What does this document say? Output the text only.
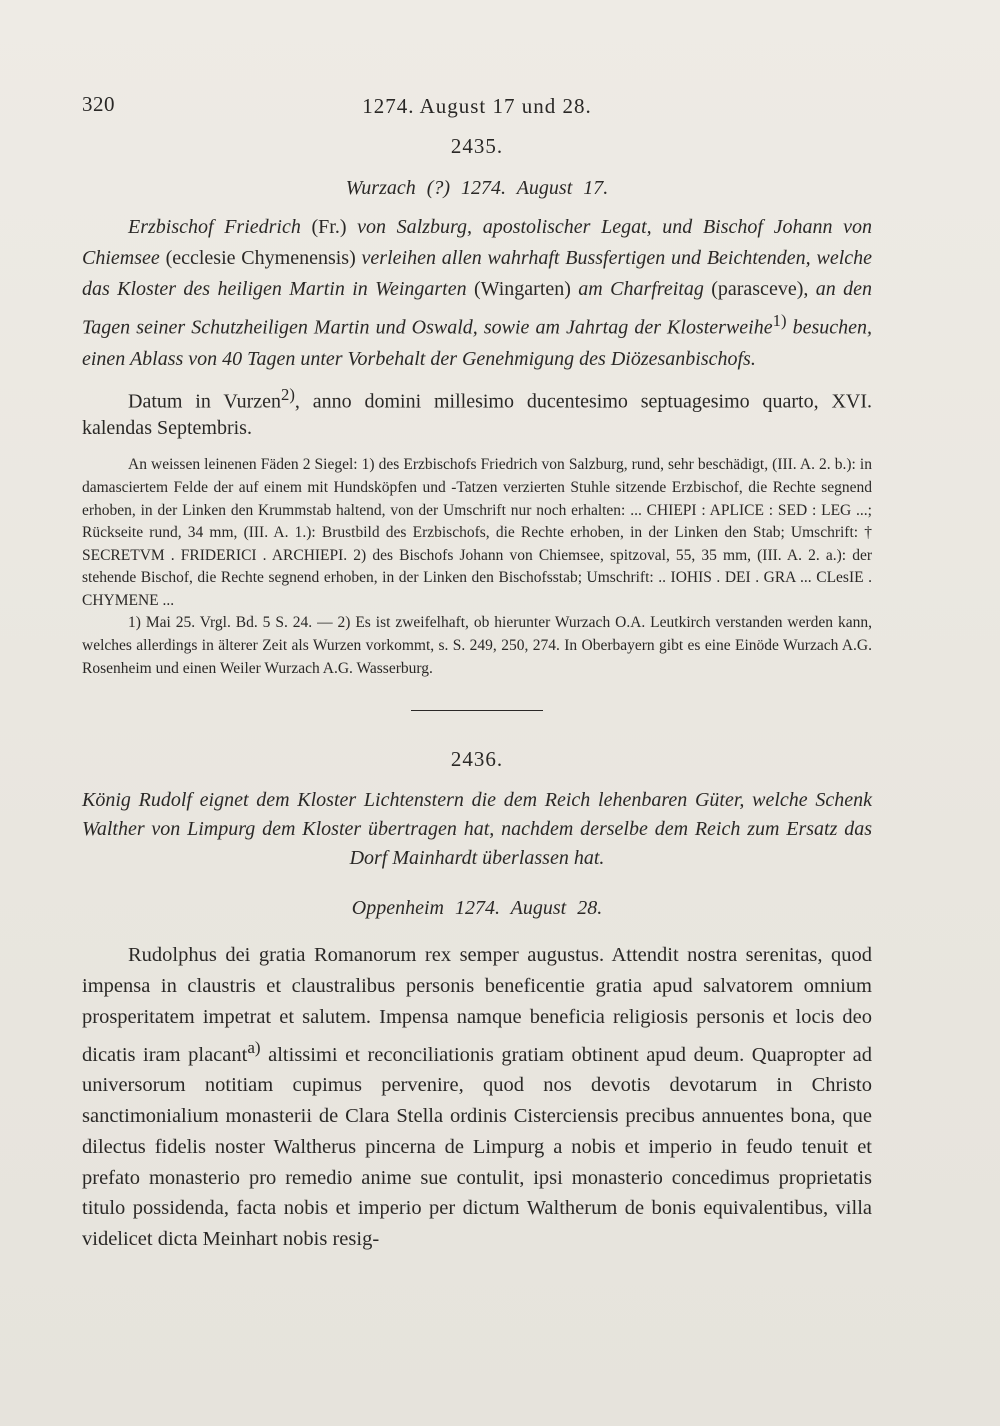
320	1274. August 17 und 28.
2435.
Wurzach (?) 1274. August 17.

Erzbischof Friedrich (Fr.) von Salzburg, apostolischer Legat, und Bischof Johann von Chiemsee (ecclesie Chymenensis) verleihen allen wahrhaft Bussfertigen und Beichtenden, welche das Kloster des heiligen Martin in Weingarten (Wingarten) am Charfreitag (parasceve), an den Tagen seiner Schutzheiligen Martin und Oswald, sowie am Jahrtag der Klosterweihe$^{1)}$ besuchen, einen Ablass von 40 Tagen unter Vorbehalt der Genehmigung des Diözesanbischofs.

Datum in Vurzen$^{2)}$, anno domini millesimo ducentesimo septuagesimo quarto, XVI. kalendas Septembris.

An weissen leinenen Fäden 2 Siegel: 1) des Erzbischofs Friedrich von Salzburg, rund, sehr beschädigt, (III. A. 2. b.): in damasciertem Felde der auf einem mit Hundsköpfen und -Tatzen verzierten Stuhle sitzende Erzbischof, die Rechte segnend erhoben, in der Linken den Krummstab haltend, von der Umschrift nur noch erhalten: ... CHIEPI : APLICE : SED : LEG ...; Rückseite rund, 34 mm, (III. A. 1.): Brustbild des Erzbischofs, die Rechte erhoben, in der Linken den Stab; Umschrift: † SECRETVM . FRIDERICI . ARCHIEPI. 2) des Bischofs Johann von Chiemsee, spitzoval, 55, 35 mm, (III. A. 2. a.): der stehende Bischof, die Rechte segnend erhoben, in der Linken den Bischofsstab; Umschrift: .. IOHIS . DEI . GRA ... CLesIE . CHYMENE ...

1) Mai 25. Vrgl. Bd. 5 S. 24. — 2) Es ist zweifelhaft, ob hierunter Wurzach O.A. Leutkirch verstanden werden kann, welches allerdings in älterer Zeit als Wurzen vorkommt, s. S. 249, 250, 274. In Oberbayern gibt es eine Einöde Wurzach A.G. Rosenheim und einen Weiler Wurzach A.G. Wasserburg.

2436.

König Rudolf eignet dem Kloster Lichtenstern die dem Reich lehenbaren Güter, welche Schenk Walther von Limpurg dem Kloster übertragen hat, nachdem derselbe dem Reich zum Ersatz das Dorf Mainhardt überlassen hat.

Oppenheim 1274. August 28.

Rudolphus dei gratia Romanorum rex semper augustus. Attendit nostra serenitas, quod impensa in claustris et claustralibus personis beneficentie gratia apud salvatorem omnium prosperitatem impetrat et salutem. Impensa namque beneficia religiosis personis et locis deo dicatis iram placant$^{a)}$ altissimi et reconciliationis gratiam obtinent apud deum. Quapropter ad universorum notitiam cupimus pervenire, quod nos devotis devotarum in Christo sanctimonialium monasterii de Clara Stella ordinis Cisterciensis precibus annuentes bona, que dilectus fidelis noster Waltherus pincerna de Limpurg a nobis et imperio in feudo tenuit et prefato monasterio pro remedio anime sue contulit, ipsi monasterio concedimus proprietatis titulo possidenda, facta nobis et imperio per dictum Waltherum de bonis equivalentibus, villa videlicet dicta Meinhart nobis resig-
